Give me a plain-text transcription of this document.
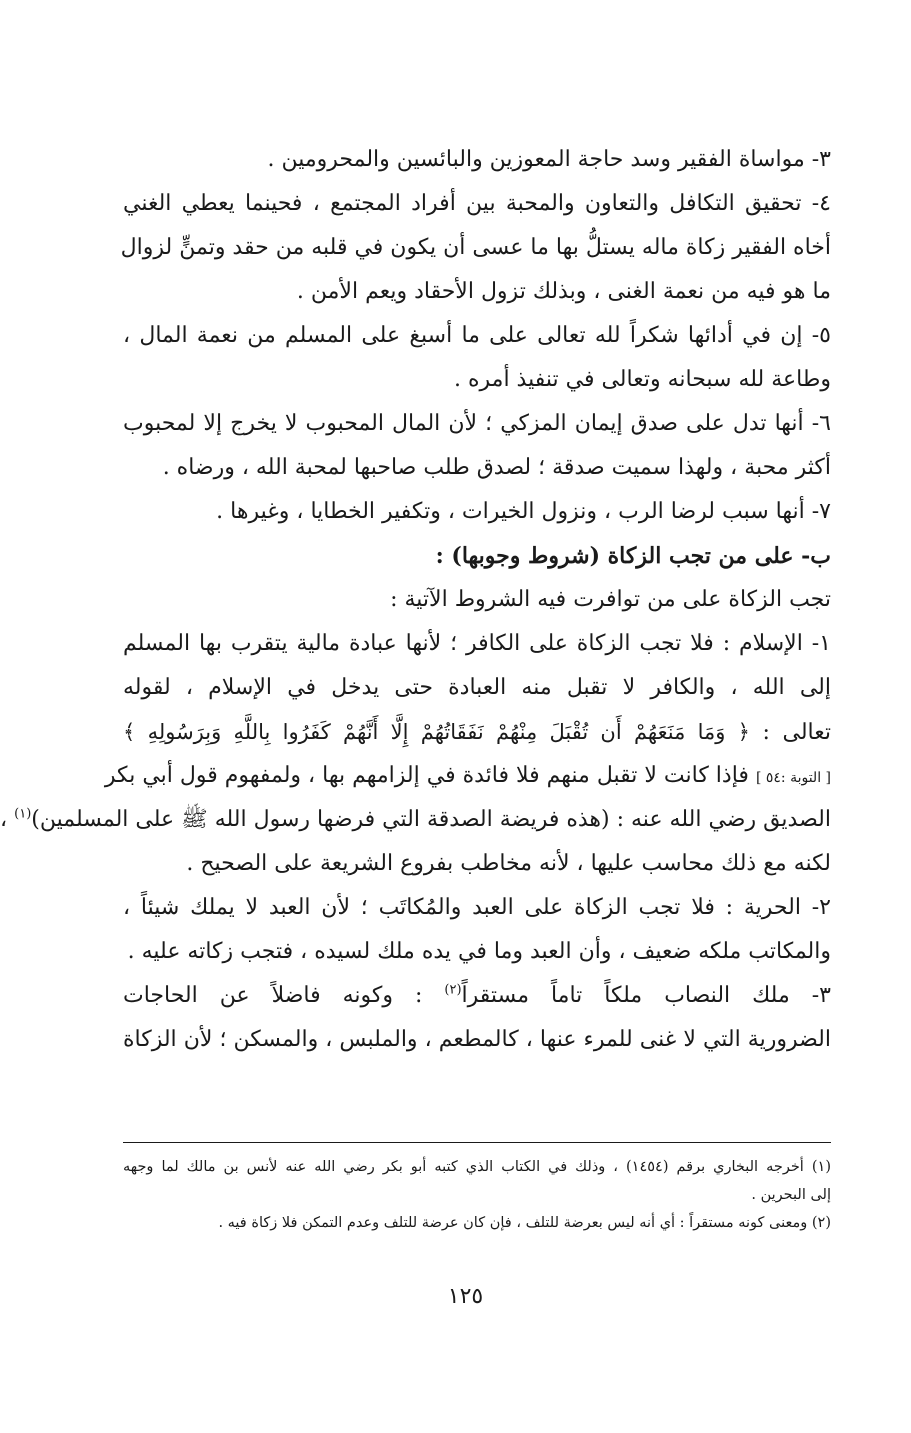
٣- مواساة الفقير وسد حاجة المعوزين والبائسين والمحرومين .
٤- تحقيق التكافل والتعاون والمحبة بين أفراد المجتمع ، فحينما يعطي الغني
أخاه الفقير زكاة ماله يستلُّ بها ما عسى أن يكون في قلبه من حقد وتمنٍّ لزوال
ما هو فيه من نعمة الغنى ، وبذلك تزول الأحقاد ويعم الأمن .
٥- إن في أدائها شكراً لله تعالى على ما أسبغ على المسلم من نعمة المال ،
وطاعة لله سبحانه وتعالى في تنفيذ أمره .
٦- أنها تدل على صدق إيمان المزكي ؛ لأن المال المحبوب لا يخرج إلا لمحبوب
أكثر محبة ، ولهذا سميت صدقة ؛ لصدق طلب صاحبها لمحبة الله ، ورضاه .
٧- أنها سبب لرضا الرب ، ونزول الخيرات ، وتكفير الخطايا ، وغيرها .
ب- على من تجب الزكاة (شروط وجوبها) :
تجب الزكاة على من توافرت فيه الشروط الآتية :
١- الإسلام : فلا تجب الزكاة على الكافر ؛ لأنها عبادة مالية يتقرب بها المسلم
إلى الله ، والكافر لا تقبل منه العبادة حتى يدخل في الإسلام ، لقوله
تعالى : ﴿ وَمَا مَنَعَهُمْ أَن تُقْبَلَ مِنْهُمْ نَفَقَاتُهُمْ إِلَّا أَنَّهُمْ كَفَرُوا بِاللَّهِ وَبِرَسُولِهِ ﴾
[ التوبة :٥٤ ] فإذا كانت لا تقبل منهم فلا فائدة في إلزامهم بها ، ولمفهوم قول أبي بكر
الصديق رضي الله عنه : (هذه فريضة الصدقة التي فرضها رسول الله ﷺ على المسلمين)$^{(١)}$ ،
لكنه مع ذلك محاسب عليها ، لأنه مخاطب بفروع الشريعة على الصحيح .
٢- الحرية : فلا تجب الزكاة على العبد والمُكاتَب ؛ لأن العبد لا يملك شيئاً ،
والمكاتب ملكه ضعيف ، وأن العبد وما في يده ملك لسيده ، فتجب زكاته عليه .
٣- ملك النصاب ملكاً تاماً مستقراً$^{(٢)}$ : وكونه فاضلاً عن الحاجات
الضرورية التي لا غنى للمرء عنها ، كالمطعم ، والملبس ، والمسكن ؛ لأن الزكاة
(١) أخرجه البخاري برقم (١٤٥٤) ، وذلك في الكتاب الذي كتبه أبو بكر رضي الله عنه لأنس بن مالك لما وجهه
إلى البحرين .
(٢) ومعنى كونه مستقراً : أي أنه ليس بعرضة للتلف ، فإن كان عرضة للتلف وعدم التمكن فلا زكاة فيه .
١٢٥
